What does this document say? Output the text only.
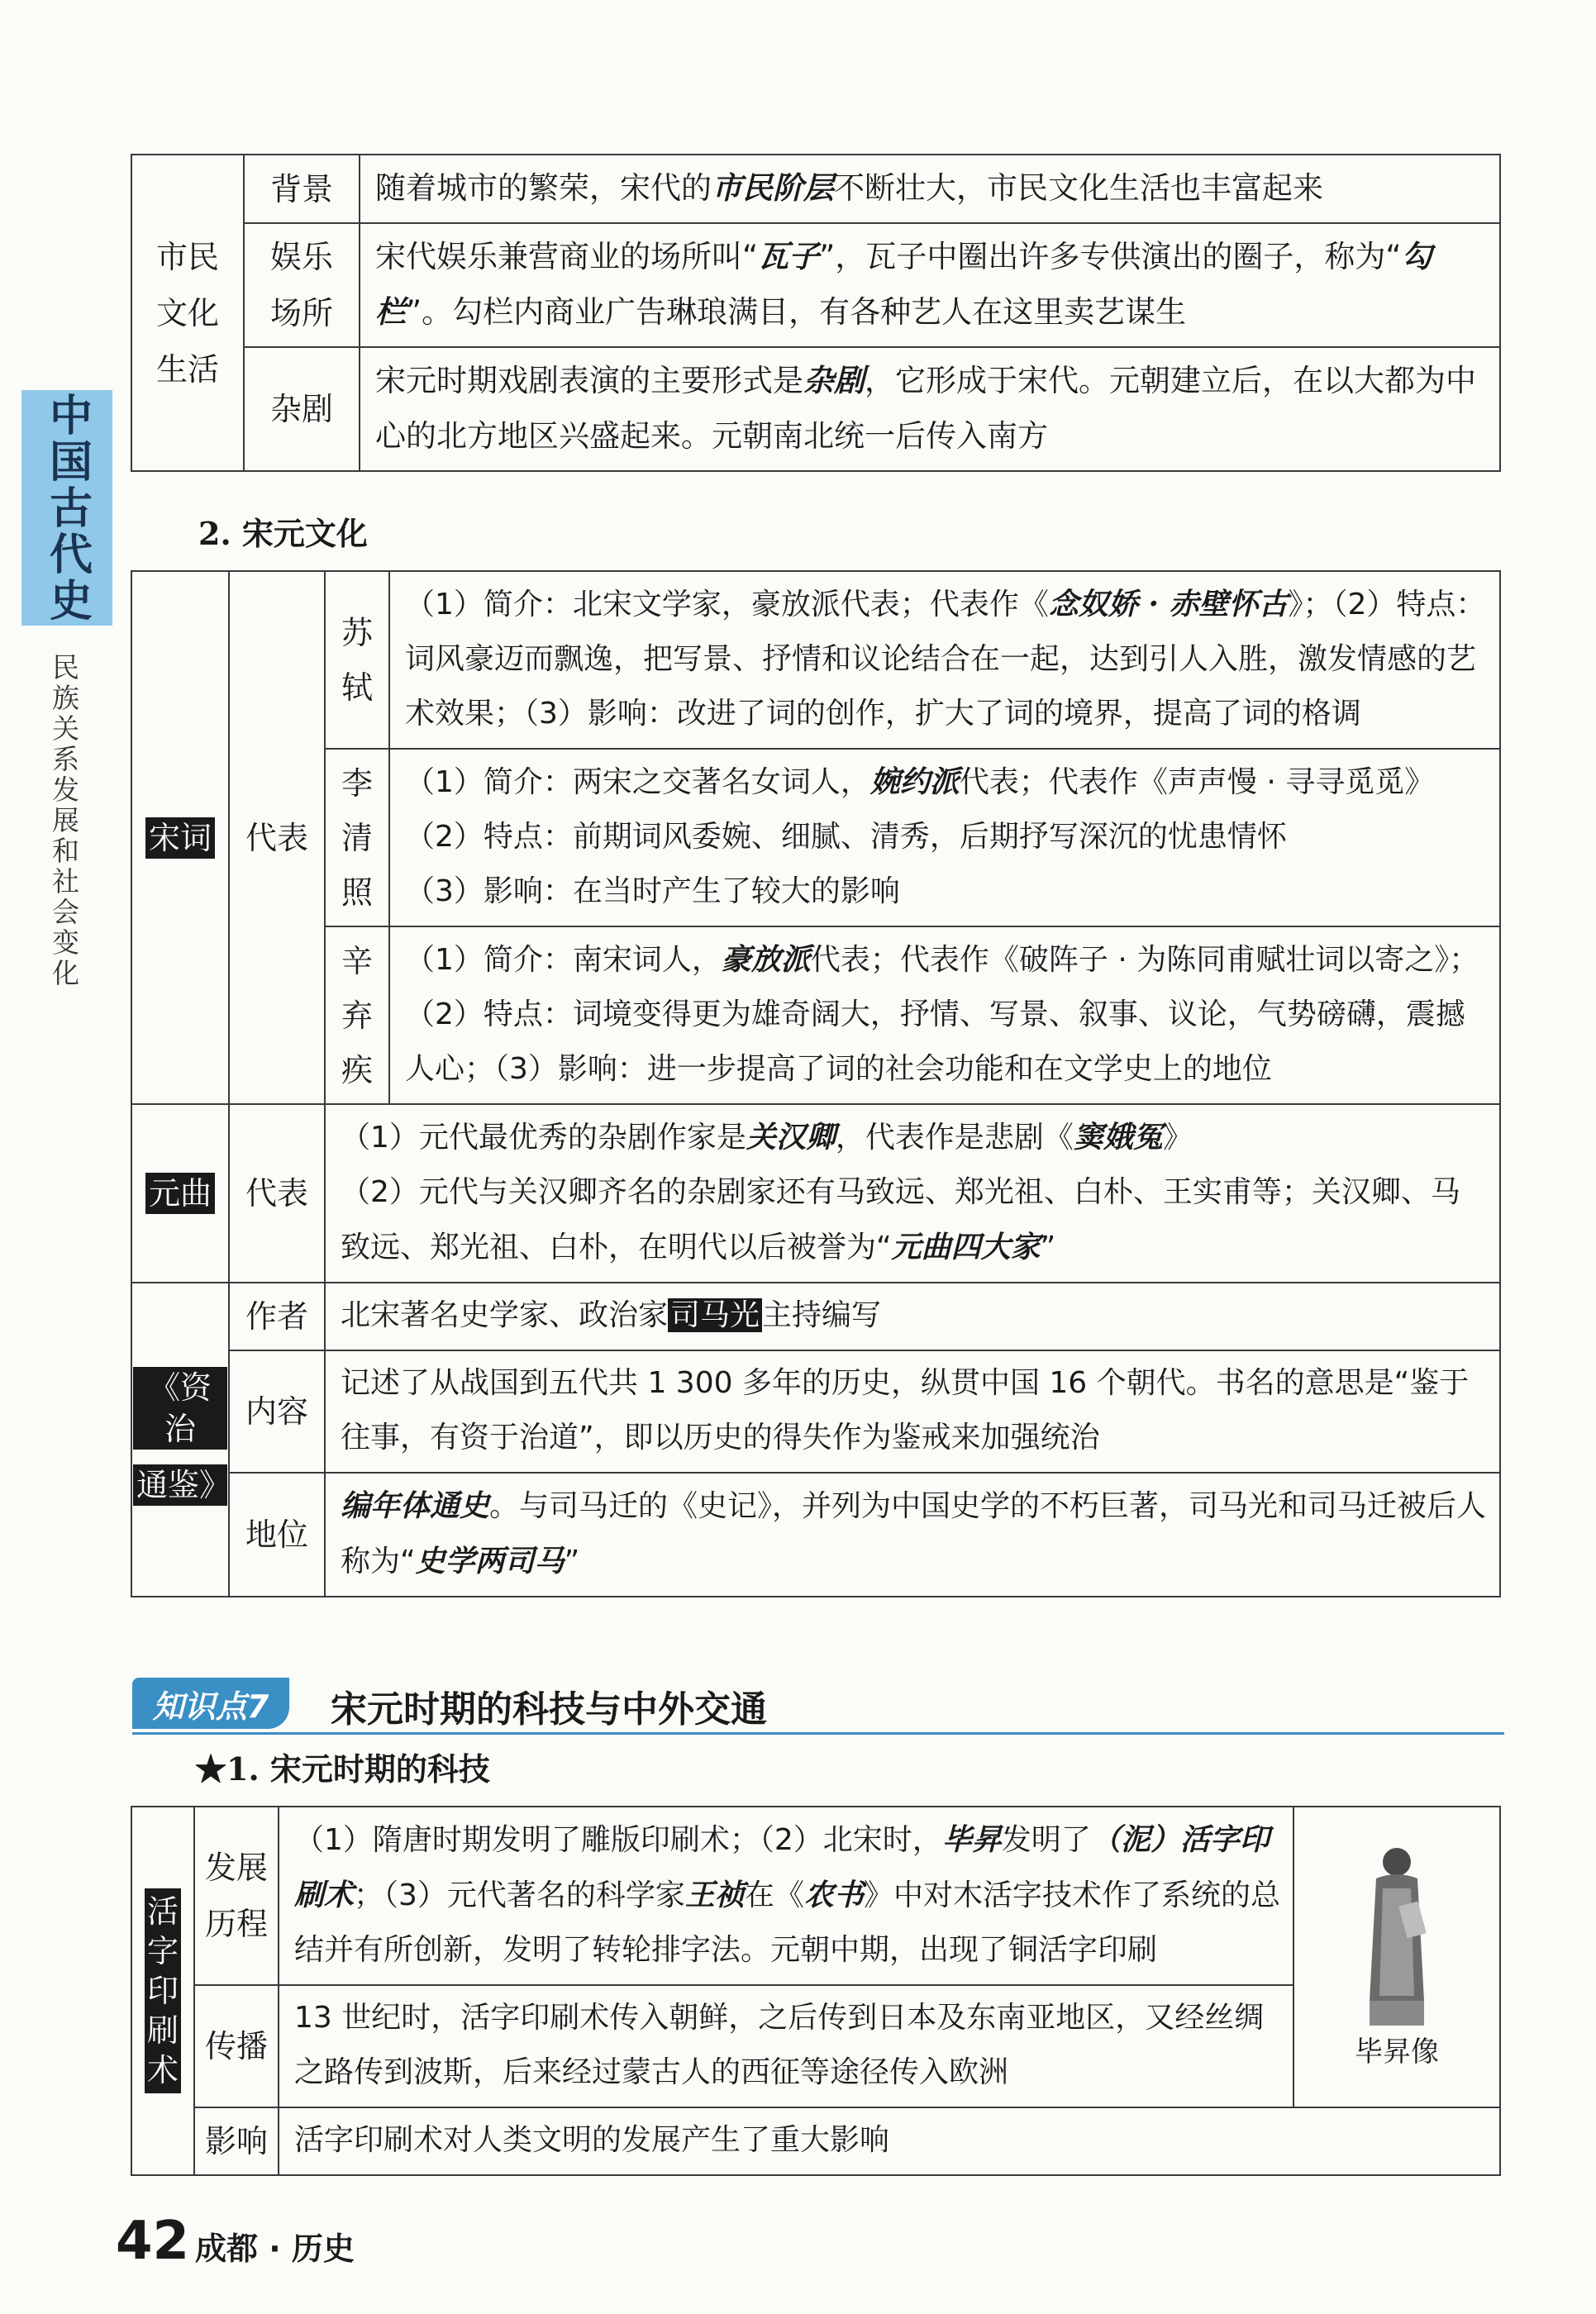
中国古代史
民族关系发展和社会变化
市民文化生活	背景	随着城市的繁荣，宋代的市民阶层不断壮大，市民文化生活也丰富起来

	娱乐场所	宋代娱乐兼营商业的场所叫“瓦子”，瓦子中圈出许多专供演出的圈子，称为“勾栏”。勾栏内商业广告琳琅满目，有各种艺人在这里卖艺谋生
	杂剧	宋元时期戏剧表演的主要形式是杂剧，它形成于宋代。元朝建立后，在以大都为中心的北方地区兴盛起来。元朝南北统一后传入南方
2. 宋元文化
宋词	代表	苏轼	（1）简介：北宋文学家，豪放派代表；代表作《念奴娇 · 赤壁怀古》；（2）特点：词风豪迈而飘逸，把写景、抒情和议论结合在一起，达到引人入胜，激发情感的艺术效果；（3）影响：改进了词的创作，扩大了词的境界，提高了词的格调

		李清照	（1）简介：两宋之交著名女词人，婉约派代表；代表作《声声慢 · 寻寻觅觅》
（2）特点：前期词风委婉、细腻、清秀，后期抒写深沉的忧患情怀
（3）影响：在当时产生了较大的影响

		辛弃疾	（1）简介：南宋词人，豪放派代表；代表作《破阵子 · 为陈同甫赋壮词以寄之》；（2）特点：词境变得更为雄奇阔大，抒情、写景、叙事、议论，气势磅礴，震撼人心；（3）影响：进一步提高了词的社会功能和在文学史上的地位
元曲	代表	（1）元代最优秀的杂剧作家是关汉卿，代表作是悲剧《窦娥冤》
（2）元代与关汉卿齐名的杂剧家还有马致远、郑光祖、白朴、王实甫等；关汉卿、马致远、郑光祖、白朴，在明代以后被誉为“元曲四大家”	
《资治
通鉴》	作者	北宋著名史学家、政治家司马光主持编写	
	内容	记述了从战国到五代共 1 300 多年的历史，纵贯中国 16 个朝代。书名的意思是“鉴于往事，有资于治道”，即以历史的得失作为鉴戒来加强统治	
	地位	编年体通史。与司马迁的《史记》，并列为中国史学的不朽巨著，司马光和司马迁被后人称为“史学两司马”	
知识点7	宋元时期的科技与中外交通
★1. 宋元时期的科技
活字印刷术	发展历程	（1）隋唐时期发明了雕版印刷术；（2）北宋时，毕昇发明了（泥）活字印刷术；（3）元代著名的科学家王祯在《农书》中对木活字技术作了系统的总结并有所创新，发明了转轮排字法。元朝中期，出现了铜活字印刷	毕昇像

	传播	13 世纪时，活字印刷术传入朝鲜，之后传到日本及东南亚地区，又经丝绸之路传到波斯，后来经过蒙古人的西征等途径传入欧洲	
	影响	活字印刷术对人类文明的发展产生了重大影响	
42 成都 · 历史
